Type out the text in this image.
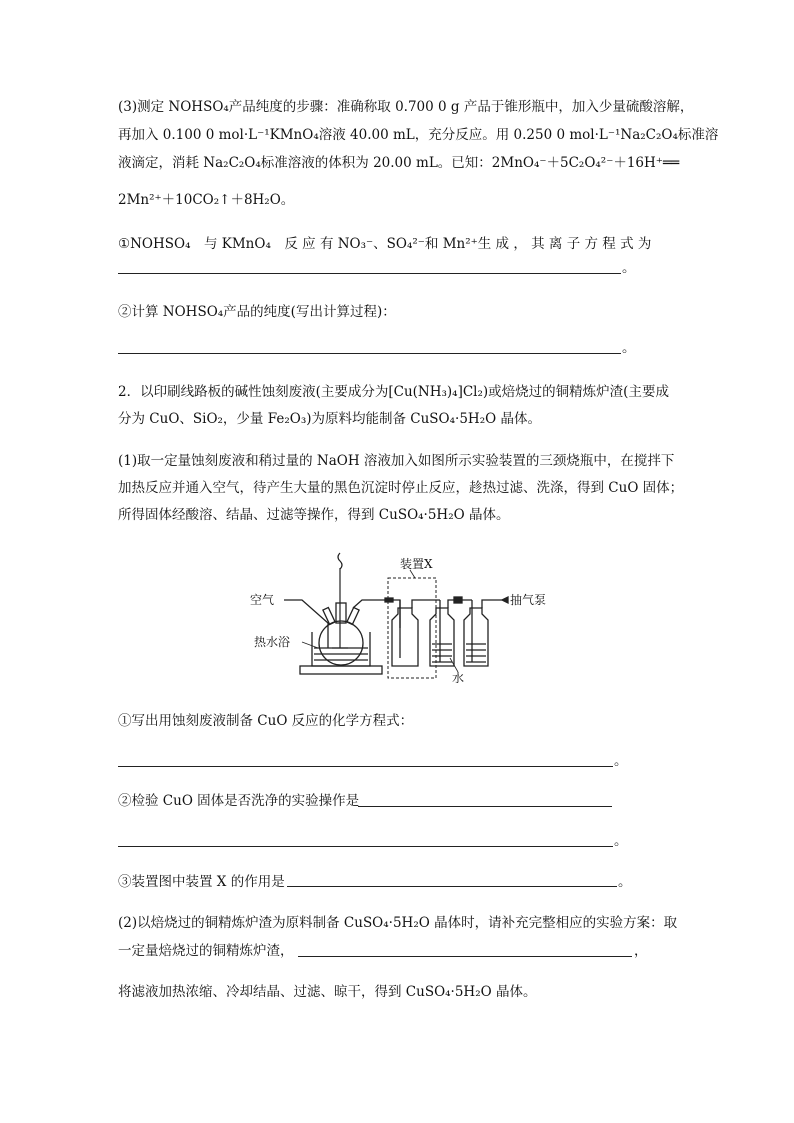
(3)测定 NOHSO₄产品纯度的步骤：准确称取 0.700 0 g 产品于锥形瓶中，加入少量硫酸溶解，
再加入 0.100 0 mol·L⁻¹KMnO₄溶液 40.00 mL，充分反应。用 0.250 0 mol·L⁻¹Na₂C₂O₄标准溶
液滴定，消耗 Na₂C₂O₄标准溶液的体积为 20.00 mL。已知：2MnO₄⁻＋5C₂O₄²⁻＋16H⁺══
2Mn²⁺＋10CO₂↑＋8H₂O。
①NOHSO₄　与 KMnO₄　反 应 有 NO₃⁻、SO₄²⁻和 Mn²⁺生 成 ， 其 离 子 方 程 式 为
。
②计算 NOHSO₄产品的纯度(写出计算过程)：
。
2．以印刷线路板的碱性蚀刻废液(主要成分为[Cu(NH₃)₄]Cl₂)或焙烧过的铜精炼炉渣(主要成
分为 CuO、SiO₂，少量 Fe₂O₃)为原料均能制备 CuSO₄·5H₂O 晶体。
(1)取一定量蚀刻废液和稍过量的 NaOH 溶液加入如图所示实验装置的三颈烧瓶中，在搅拌下
加热反应并通入空气，待产生大量的黑色沉淀时停止反应，趁热过滤、洗涤，得到 CuO 固体；
所得固体经酸溶、结晶、过滤等操作，得到 CuSO₄·5H₂O 晶体。
空气
热水浴
装置X
抽气泵
水
①写出用蚀刻废液制备 CuO 反应的化学方程式：
。
②检验 CuO 固体是否洗净的实验操作是
。
③装置图中装置 X 的作用是	。
(2)以焙烧过的铜精炼炉渣为原料制备 CuSO₄·5H₂O 晶体时，请补充完整相应的实验方案：取
一定量焙烧过的铜精炼炉渣，	，
将滤液加热浓缩、冷却结晶、过滤、晾干，得到 CuSO₄·5H₂O 晶体。
